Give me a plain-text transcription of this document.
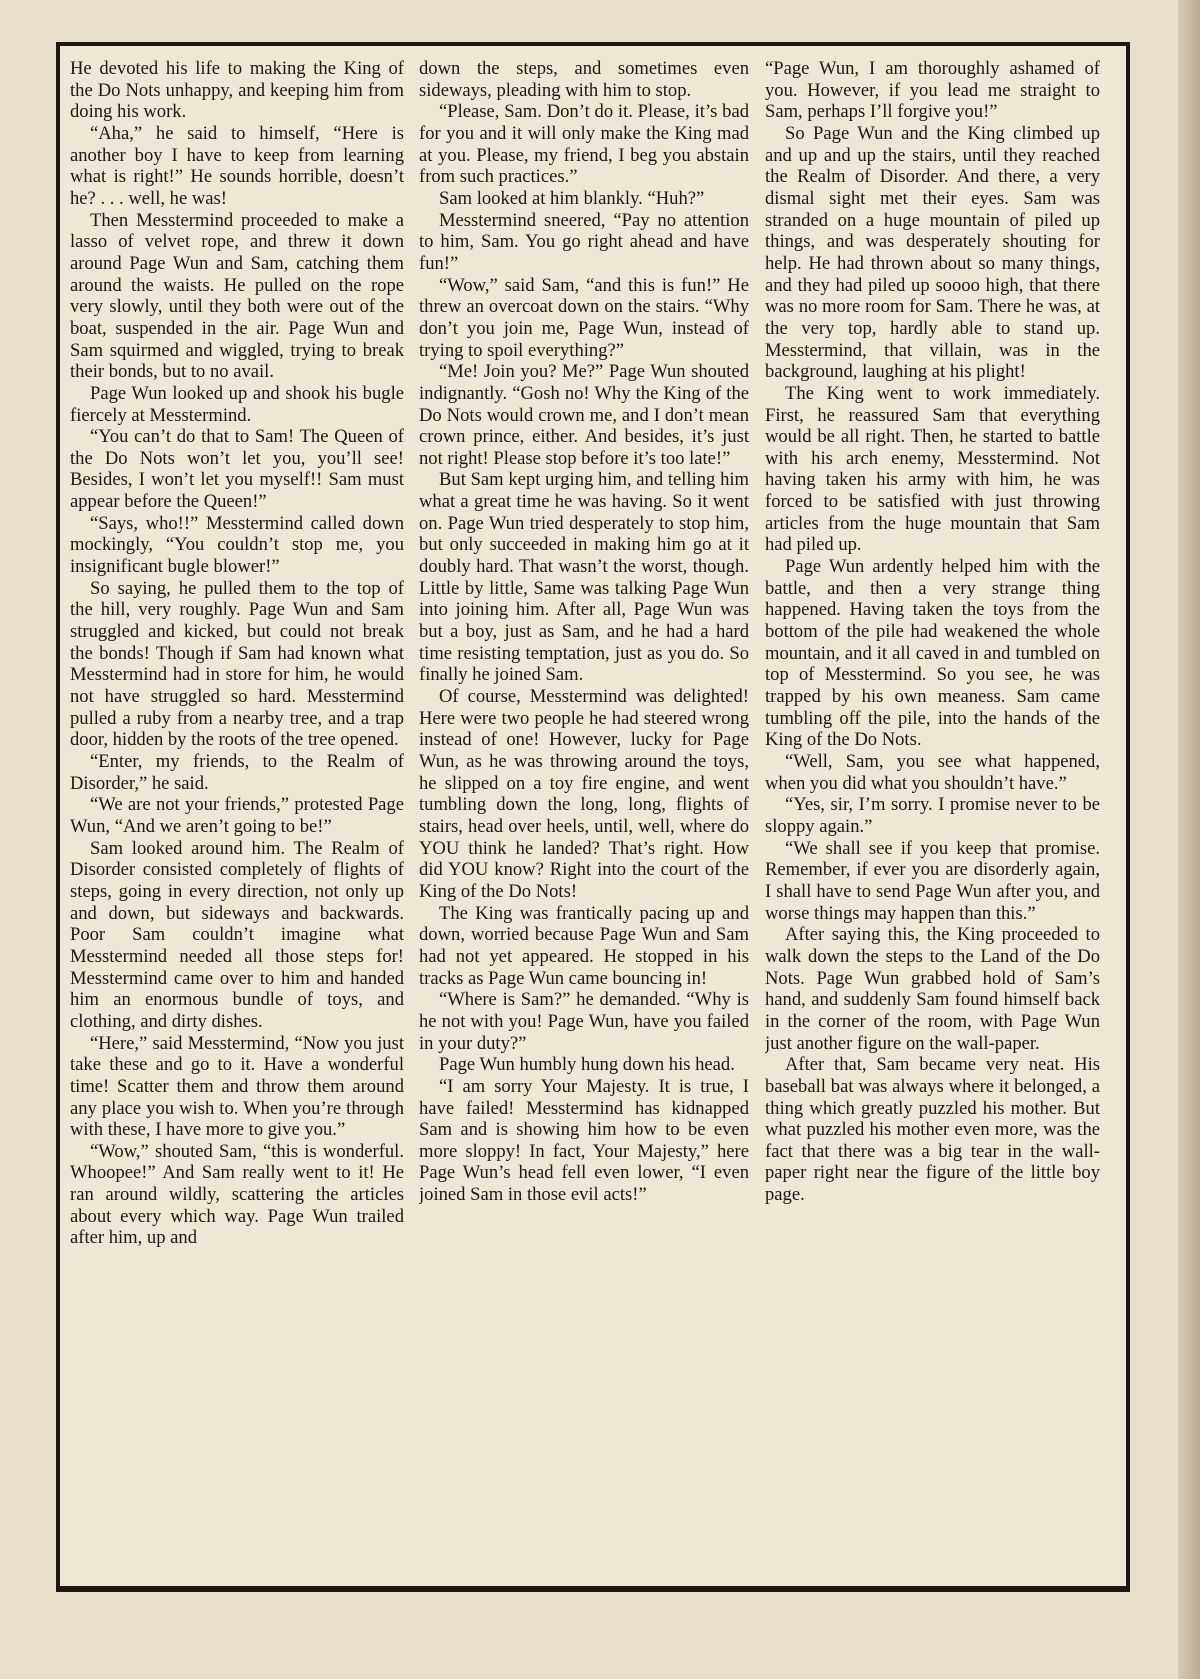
He devoted his life to making the King of the Do Nots unhappy, and keeping him from doing his work.

“Aha,” he said to himself, “Here is another boy I have to keep from learning what is right!” He sounds horrible, doesn’t he? . . . well, he was!

Then Messtermind proceeded to make a lasso of velvet rope, and threw it down around Page Wun and Sam, catching them around the waists. He pulled on the rope very slowly, until they both were out of the boat, suspended in the air. Page Wun and Sam squirmed and wiggled, trying to break their bonds, but to no avail.

Page Wun looked up and shook his bugle fiercely at Messtermind.

“You can’t do that to Sam! The Queen of the Do Nots won’t let you, you’ll see! Besides, I won’t let you myself!! Sam must appear before the Queen!”

“Says, who!!” Messtermind called down mockingly, “You couldn’t stop me, you insignificant bugle blower!”

So saying, he pulled them to the top of the hill, very roughly. Page Wun and Sam struggled and kicked, but could not break the bonds! Though if Sam had known what Messtermind had in store for him, he would not have struggled so hard. Messtermind pulled a ruby from a nearby tree, and a trap door, hidden by the roots of the tree opened.

“Enter, my friends, to the Realm of Disorder,” he said.

“We are not your friends,” protested Page Wun, “And we aren’t going to be!”

Sam looked around him. The Realm of Disorder consisted completely of flights of steps, going in every direction, not only up and down, but sideways and backwards. Poor Sam couldn’t imagine what Messtermind needed all those steps for! Messtermind came over to him and handed him an enormous bundle of toys, and clothing, and dirty dishes.

“Here,” said Messtermind, “Now you just take these and go to it. Have a wonderful time! Scatter them and throw them around any place you wish to. When you’re through with these, I have more to give you.”

“Wow,” shouted Sam, “this is wonderful. Whoopee!” And Sam really went to it! He ran around wildly, scattering the articles about every which way. Page Wun trailed after him, up and

down the steps, and sometimes even sideways, pleading with him to stop.

“Please, Sam. Don’t do it. Please, it’s bad for you and it will only make the King mad at you. Please, my friend, I beg you abstain from such practices.”

Sam looked at him blankly. “Huh?”

Messtermind sneered, “Pay no attention to him, Sam. You go right ahead and have fun!”

“Wow,” said Sam, “and this is fun!” He threw an overcoat down on the stairs. “Why don’t you join me, Page Wun, instead of trying to spoil everything?”

“Me! Join you? Me?” Page Wun shouted indignantly. “Gosh no! Why the King of the Do Nots would crown me, and I don’t mean crown prince, either. And besides, it’s just not right! Please stop before it’s too late!”

But Sam kept urging him, and telling him what a great time he was having. So it went on. Page Wun tried desperately to stop him, but only succeeded in making him go at it doubly hard. That wasn’t the worst, though. Little by little, Same was talking Page Wun into joining him. After all, Page Wun was but a boy, just as Sam, and he had a hard time resisting temptation, just as you do. So finally he joined Sam.

Of course, Messtermind was delighted! Here were two people he had steered wrong instead of one! However, lucky for Page Wun, as he was throwing around the toys, he slipped on a toy fire engine, and went tumbling down the long, long, flights of stairs, head over heels, until, well, where do YOU think he landed? That’s right. How did YOU know? Right into the court of the King of the Do Nots!

The King was frantically pacing up and down, worried because Page Wun and Sam had not yet appeared. He stopped in his tracks as Page Wun came bouncing in!

“Where is Sam?” he demanded. “Why is he not with you! Page Wun, have you failed in your duty?”

Page Wun humbly hung down his head.

“I am sorry Your Majesty. It is true, I have failed! Messtermind has kidnapped Sam and is showing him how to be even more sloppy! In fact, Your Majesty,” here Page Wun’s head fell even lower, “I even joined Sam in those evil acts!”

“Page Wun, I am thoroughly ashamed of you. However, if you lead me straight to Sam, perhaps I’ll forgive you!”

So Page Wun and the King climbed up and up and up the stairs, until they reached the Realm of Disorder. And there, a very dismal sight met their eyes. Sam was stranded on a huge mountain of piled up things, and was desperately shouting for help. He had thrown about so many things, and they had piled up soooo high, that there was no more room for Sam. There he was, at the very top, hardly able to stand up. Messtermind, that villain, was in the background, laughing at his plight!

The King went to work immediately. First, he reassured Sam that everything would be all right. Then, he started to battle with his arch enemy, Messtermind. Not having taken his army with him, he was forced to be satisfied with just throwing articles from the huge mountain that Sam had piled up.

Page Wun ardently helped him with the battle, and then a very strange thing happened. Having taken the toys from the bottom of the pile had weakened the whole mountain, and it all caved in and tumbled on top of Messtermind. So you see, he was trapped by his own meaness. Sam came tumbling off the pile, into the hands of the King of the Do Nots.

“Well, Sam, you see what happened, when you did what you shouldn’t have.”

“Yes, sir, I’m sorry. I promise never to be sloppy again.”

“We shall see if you keep that promise. Remember, if ever you are disorderly again, I shall have to send Page Wun after you, and worse things may happen than this.”

After saying this, the King proceeded to walk down the steps to the Land of the Do Nots. Page Wun grabbed hold of Sam’s hand, and suddenly Sam found himself back in the corner of the room, with Page Wun just another figure on the wall-paper.

After that, Sam became very neat. His baseball bat was always where it belonged, a thing which greatly puzzled his mother. But what puzzled his mother even more, was the fact that there was a big tear in the wall-paper right near the figure of the little boy page.
